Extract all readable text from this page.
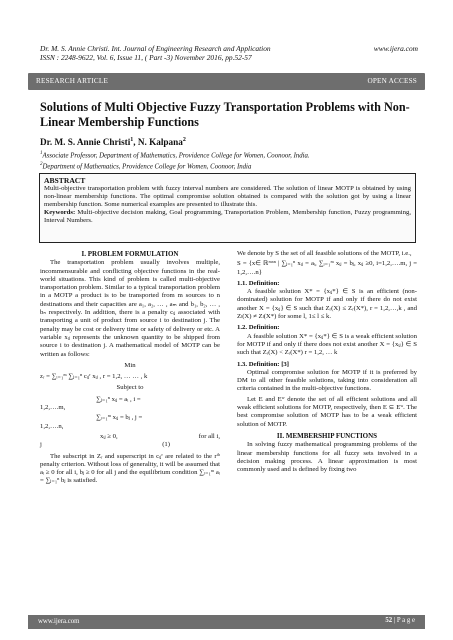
Dr. M. S. Annie Christi. Int. Journal of Engineering Research and Application	www.ijera.com
ISSN : 2248-9622, Vol. 6, Issue 11, ( Part -3) November 2016, pp.52-57
RESEARCH ARTICLE	OPEN ACCESS
Solutions of Multi Objective Fuzzy Transportation Problems with Non-Linear Membership Functions
Dr. M. S. Annie Christi$^1$, N. Kalpana$^2$
$^1$Associate Professor, Department of Mathematics, Providence College for Women, Coonoor, India.
$^2$Department of Mathematics, Providence College for Women, Coonoor, India
ABSTRACT

Multi-objective transportation problem with fuzzy interval numbers are considered. The solution of linear MOTP is obtained by using non-linear membership functions. The optimal compromise solution obtained is compared with the solution got by using a linear membership function. Some numerical examples are presented to illustrate this.

Keywords: Multi-objective decision making, Goal programming, Transportation Problem, Membership function, Fuzzy programming, Interval Numbers.

I. PROBLEM FORMULATION

The transportation problem usually involves multiple, incommensurable and conflicting objective functions in the real-world situations. This kind of problem is called multi-objective transportation problem. Similar to a typical transportation problem in a MOTP a product is to be transported from m sources to n destinations and their capacities are a₁, a₂, … , aₘ and b₁, b₂, … , bₙ respectively. In addition, there is a penalty cᵢⱼ associated with transporting a unit of product from source i to destination j. The penalty may be cost or delivery time or safety of delivery or etc. A variable xᵢⱼ represents the unknown quantity to be shipped from source i to destination j. A mathematical model of MOTP can be written as follows:

Min
zᵣ = ∑ᵢ₌₁ᵐ ∑ⱼ₌₁ⁿ cᵢⱼʳ xᵢⱼ , r = 1,2, … … , k
Subject to
∑ⱼ₌₁ⁿ xᵢⱼ = aᵢ , i =
1,2,….m,
∑ᵢ₌₁ᵐ xᵢⱼ = bⱼ , j =
1,2,….n,
xᵢⱼ ≥ 0,	for all i,
j	(1)

The subscript in Zᵣ and superscript in cᵢⱼʳ are related to the rᵗʰ penalty criterion. Without loss of generality, it will be assumed that aᵢ ≥ 0 for all i, bⱼ ≥ 0 for all j and the equilibrium condition ∑ᵢ₌₁ᵐ aᵢ = ∑ⱼ₌₁ⁿ bⱼ is satisfied.

We denote by S the set of all feasible solutions of the MOTP, i.e.,

S = {x∈ ℝᵐˣⁿ | ∑ⱼ₌₁ⁿ xᵢⱼ = aᵢ, ∑ᵢ₌₁ᵐ xᵢⱼ = bⱼ, xᵢⱼ ≥0, i=1,2,….m, j = 1,2,….n}

1.1. Definition:

A feasible solution X* = {xᵢⱼ*} ∈ S is an efficient (non-dominated) solution for MOTP if and only if there do not exist another X = {xᵢⱼ} ∈ S such that Zᵣ(X) ≤ Zᵣ(X*), r = 1,2,…,k , and Zₗ(X) ≠ Zₗ(X*) for some l, 1≤ l ≤ k.

1.2. Definition:

A feasible solution X* = {xᵢⱼ*} ∈ S is a weak efficient solution for MOTP if and only if there does not exist another X = {xᵢⱼ} ∈ S such that Zᵣ(X) < Zᵣ(X*) r = 1,2, … k

1.3. Definition: [3]

Optimal compromise solution for MOTP if it is preferred by DM to all other feasible solutions, taking into consideration all criteria contained in the multi-objective functions.

Let E and Eʷ denote the set of all efficient solutions and all weak efficient solutions for MOTP, respectively, then E ⊆ Eʷ. The best compromise solution of MOTP has to be a weak efficient solution of MOTP.

II. MEMBERSHIP FUNCTIONS

In solving fuzzy mathematical programming problems of the linear membership functions for all fuzzy sets involved in a decision making process. A linear approximation is most commonly used and is defined by fixing two

www.ijera.com	52 | P a g e
